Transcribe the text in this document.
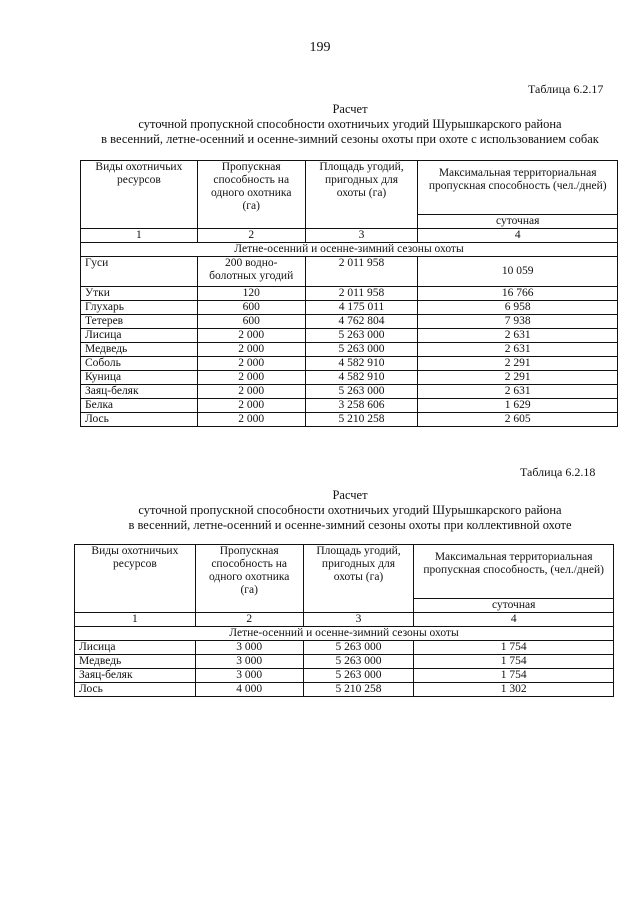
199
Таблица 6.2.17
Расчет
суточной пропускной способности охотничьих угодий Шурышкарского района
в весенний, летне-осенний и осенне-зимний сезоны охоты при охоте с использованием собак
Виды охотничьих ресурсов	Пропускная способность на одного охотника (га)	Площадь угодий, пригодных для охоты (га)	Максимальная территориальная пропускная способность (чел./дней)

			суточная
1	2	3	4
Летне-осенний и осенне-зимний сезоны охоты			
Гуси	200 водно-болотных угодий	2 011 958	10 059
Утки	120	2 011 958	16 766
Глухарь	600	4 175 011	6 958
Тетерев	600	4 762 804	7 938
Лисица	2 000	5 263 000	2 631
Медведь	2 000	5 263 000	2 631
Соболь	2 000	4 582 910	2 291
Куница	2 000	4 582 910	2 291
Заяц-беляк	2 000	5 263 000	2 631
Белка	2 000	3 258 606	1 629
Лось	2 000	5 210 258	2 605
Таблица 6.2.18
Расчет
суточной пропускной способности охотничьих угодий Шурышкарского района
в весенний, летне-осенний и осенне-зимний сезоны охоты при коллективной охоте
Виды охотничьих ресурсов	Пропускная способность на одного охотника (га)	Площадь угодий, пригодных для охоты (га)	Максимальная территориальная пропускная способность, (чел./дней)

			суточная
1	2	3	4
Летне-осенний и осенне-зимний сезоны охоты			
Лисица	3 000	5 263 000	1 754
Медведь	3 000	5 263 000	1 754
Заяц-беляк	3 000	5 263 000	1 754
Лось	4 000	5 210 258	1 302
